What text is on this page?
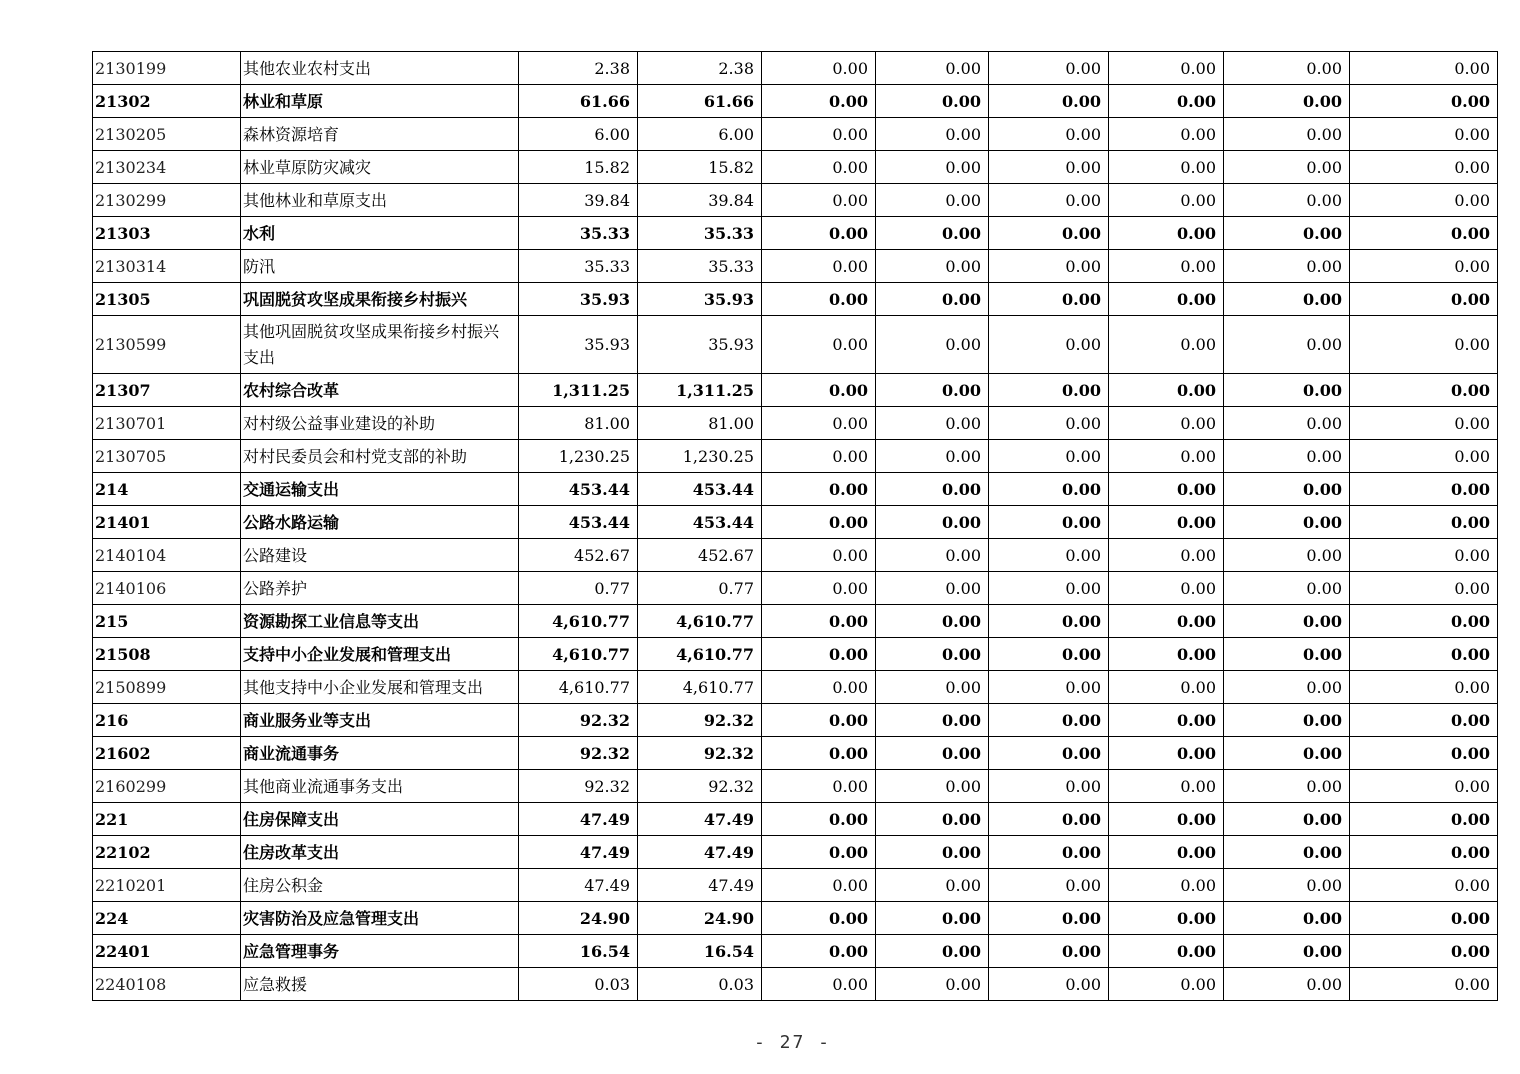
2130199	其他农业农村支出	2.38	2.38	0.00	0.00	0.00	0.00	0.00	0.00
21302	林业和草原	61.66	61.66	0.00	0.00	0.00	0.00	0.00	0.00
2130205	森林资源培育	6.00	6.00	0.00	0.00	0.00	0.00	0.00	0.00
2130234	林业草原防灾减灾	15.82	15.82	0.00	0.00	0.00	0.00	0.00	0.00
2130299	其他林业和草原支出	39.84	39.84	0.00	0.00	0.00	0.00	0.00	0.00
21303	水利	35.33	35.33	0.00	0.00	0.00	0.00	0.00	0.00
2130314	防汛	35.33	35.33	0.00	0.00	0.00	0.00	0.00	0.00
21305	巩固脱贫攻坚成果衔接乡村振兴	35.93	35.93	0.00	0.00	0.00	0.00	0.00	0.00
2130599	其他巩固脱贫攻坚成果衔接乡村振兴支出	35.93	35.93	0.00	0.00	0.00	0.00	0.00	0.00
21307	农村综合改革	1,311.25	1,311.25	0.00	0.00	0.00	0.00	0.00	0.00
2130701	对村级公益事业建设的补助	81.00	81.00	0.00	0.00	0.00	0.00	0.00	0.00
2130705	对村民委员会和村党支部的补助	1,230.25	1,230.25	0.00	0.00	0.00	0.00	0.00	0.00
214	交通运输支出	453.44	453.44	0.00	0.00	0.00	0.00	0.00	0.00
21401	公路水路运输	453.44	453.44	0.00	0.00	0.00	0.00	0.00	0.00
2140104	公路建设	452.67	452.67	0.00	0.00	0.00	0.00	0.00	0.00
2140106	公路养护	0.77	0.77	0.00	0.00	0.00	0.00	0.00	0.00
215	资源勘探工业信息等支出	4,610.77	4,610.77	0.00	0.00	0.00	0.00	0.00	0.00
21508	支持中小企业发展和管理支出	4,610.77	4,610.77	0.00	0.00	0.00	0.00	0.00	0.00
2150899	其他支持中小企业发展和管理支出	4,610.77	4,610.77	0.00	0.00	0.00	0.00	0.00	0.00
216	商业服务业等支出	92.32	92.32	0.00	0.00	0.00	0.00	0.00	0.00
21602	商业流通事务	92.32	92.32	0.00	0.00	0.00	0.00	0.00	0.00
2160299	其他商业流通事务支出	92.32	92.32	0.00	0.00	0.00	0.00	0.00	0.00
221	住房保障支出	47.49	47.49	0.00	0.00	0.00	0.00	0.00	0.00
22102	住房改革支出	47.49	47.49	0.00	0.00	0.00	0.00	0.00	0.00
2210201	住房公积金	47.49	47.49	0.00	0.00	0.00	0.00	0.00	0.00
224	灾害防治及应急管理支出	24.90	24.90	0.00	0.00	0.00	0.00	0.00	0.00
22401	应急管理事务	16.54	16.54	0.00	0.00	0.00	0.00	0.00	0.00
2240108	应急救援	0.03	0.03	0.00	0.00	0.00	0.00	0.00	0.00
- 27 -
